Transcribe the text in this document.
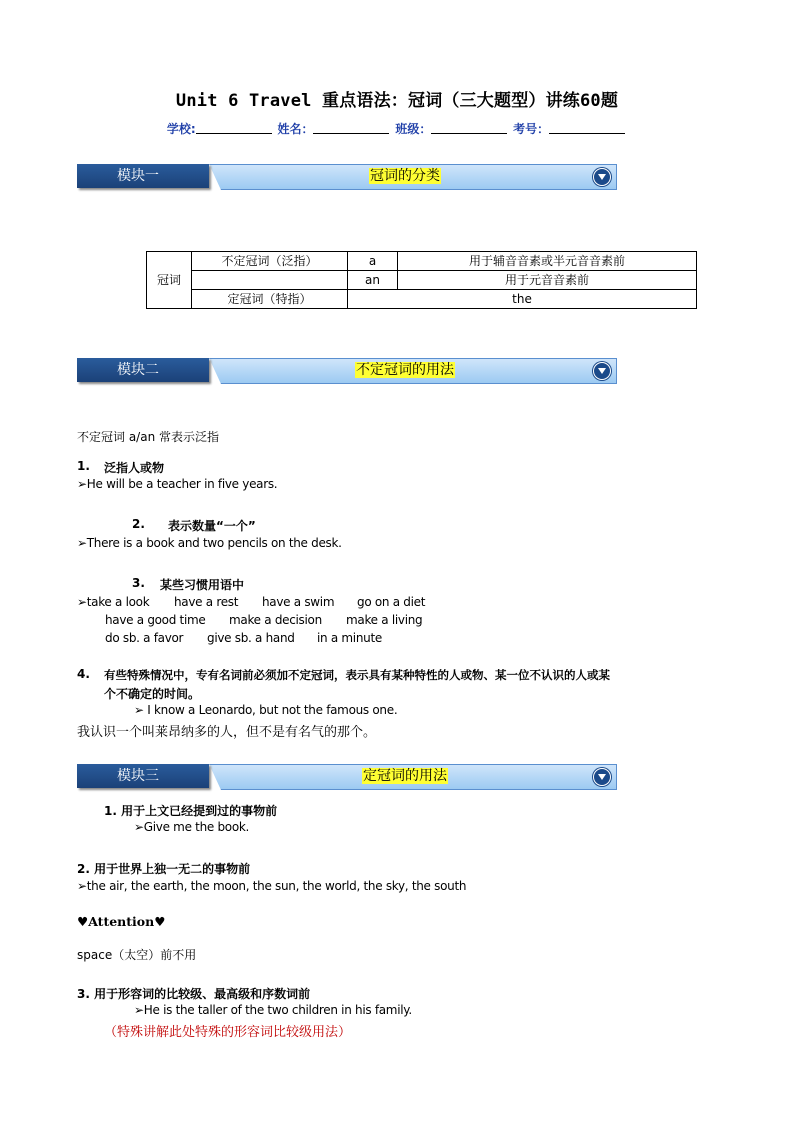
Unit 6 Travel 重点语法：冠词（三大题型）讲练60题
学校:	姓名：	班级：	考号：
模块一	冠词的分类
冠词	不定冠词（泛指）	a	用于辅音音素或半元音音素前
		an	用于元音音素前
	定冠词（特指）	the	
模块二	不定冠词的用法
不定冠词 a/an 常表示泛指
1. 泛指人或物
➢He will be a teacher in five years.
2. 表示数量“一个”
➢There is a book and two pencils on the desk.
3. 某些习惯用语中
➢take a look have a rest have a swim go on a diet
have a good time make a decision make a living
do sb. a favor give sb. a hand in a minute
4. 有些特殊情况中，专有名词前必须加不定冠词，表示具有某种特性的人或物、某一位不认识的人或某
个不确定的时间。
➢ I know a Leonardo, but not the famous one.
我认识一个叫莱昂纳多的人，但不是有名气的那个。
模块三	定冠词的用法
1. 用于上文已经提到过的事物前
➢Give me the book.
2. 用于世界上独一无二的事物前
➢the air, the earth, the moon, the sun, the world, the sky, the south
♥Attention♥
space（太空）前不用
3. 用于形容词的比较级、最高级和序数词前
➢He is the taller of the two children in his family.
（特殊讲解此处特殊的形容词比较级用法）
